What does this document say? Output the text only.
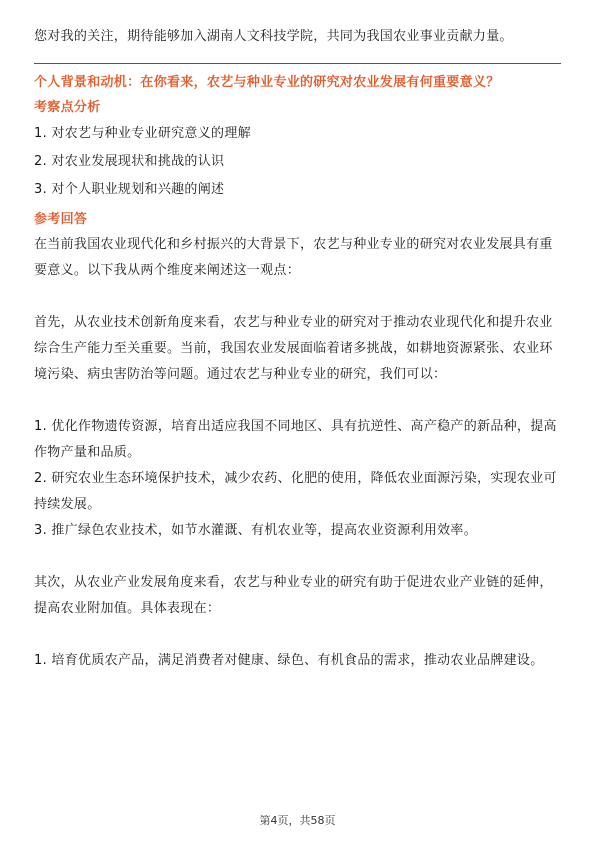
您对我的关注，期待能够加入湖南人文科技学院，共同为我国农业事业贡献力量。

个人背景和动机：在你看来，农艺与种业专业的研究对农业发展有何重要意义？

考察点分析

1. 对农艺与种业专业研究意义的理解

2. 对农业发展现状和挑战的认识

3. 对个人职业规划和兴趣的阐述

参考回答

在当前我国农业现代化和乡村振兴的大背景下，农艺与种业专业的研究对农业发展具有重要意义。以下我从两个维度来阐述这一观点：

首先，从农业技术创新角度来看，农艺与种业专业的研究对于推动农业现代化和提升农业综合生产能力至关重要。当前，我国农业发展面临着诸多挑战，如耕地资源紧张、农业环境污染、病虫害防治等问题。通过农艺与种业专业的研究，我们可以：

1. 优化作物遗传资源，培育出适应我国不同地区、具有抗逆性、高产稳产的新品种，提高作物产量和品质。

2. 研究农业生态环境保护技术，减少农药、化肥的使用，降低农业面源污染，实现农业可持续发展。

3. 推广绿色农业技术，如节水灌溉、有机农业等，提高农业资源利用效率。

其次，从农业产业发展角度来看，农艺与种业专业的研究有助于促进农业产业链的延伸，提高农业附加值。具体表现在：

1. 培育优质农产品，满足消费者对健康、绿色、有机食品的需求，推动农业品牌建设。

第4页，共58页
